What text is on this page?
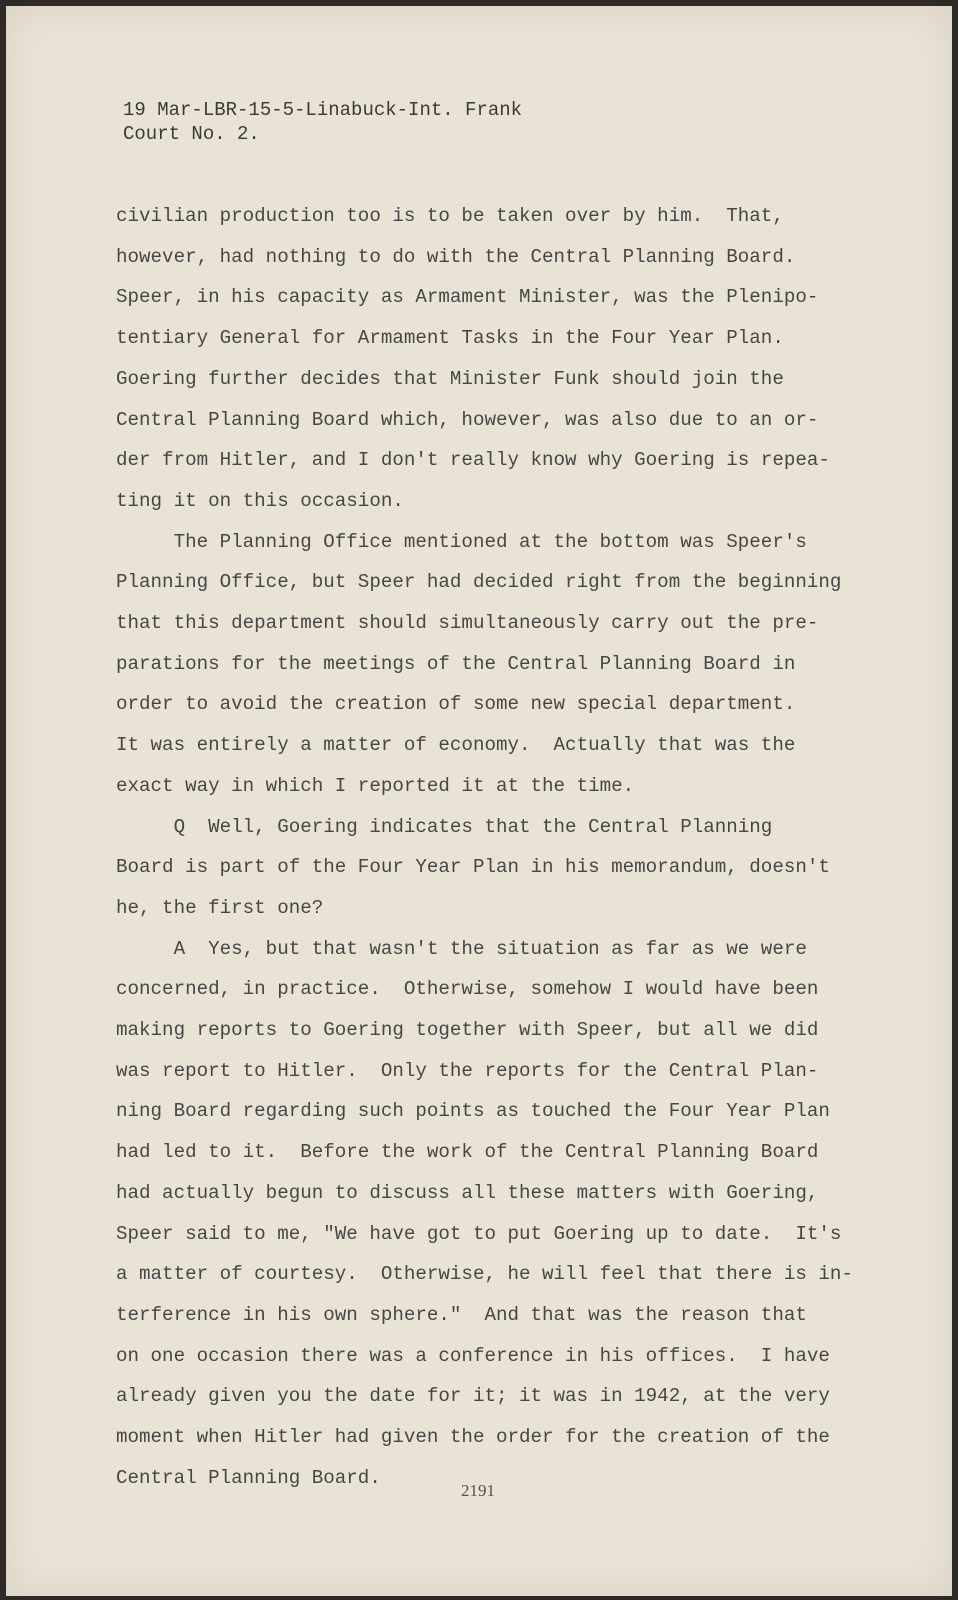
19 Mar-LBR-15-5-Linabuck-Int. Frank
Court No. 2.
civilian production too is to be taken over by him.  That,
however, had nothing to do with the Central Planning Board.
Speer, in his capacity as Armament Minister, was the Plenipo-
tentiary General for Armament Tasks in the Four Year Plan.
Goering further decides that Minister Funk should join the
Central Planning Board which, however, was also due to an or-
der from Hitler, and I don't really know why Goering is repea-
ting it on this occasion.
The Planning Office mentioned at the bottom was Speer's
Planning Office, but Speer had decided right from the beginning
that this department should simultaneously carry out the pre-
parations for the meetings of the Central Planning Board in
order to avoid the creation of some new special department.
It was entirely a matter of economy.  Actually that was the
exact way in which I reported it at the time.
Q  Well, Goering indicates that the Central Planning
Board is part of the Four Year Plan in his memorandum, doesn't
he, the first one?
A  Yes, but that wasn't the situation as far as we were
concerned, in practice.  Otherwise, somehow I would have been
making reports to Goering together with Speer, but all we did
was report to Hitler.  Only the reports for the Central Plan-
ning Board regarding such points as touched the Four Year Plan
had led to it.  Before the work of the Central Planning Board
had actually begun to discuss all these matters with Goering,
Speer said to me, "We have got to put Goering up to date.  It's
a matter of courtesy.  Otherwise, he will feel that there is in-
terference in his own sphere."  And that was the reason that
on one occasion there was a conference in his offices.  I have
already given you the date for it; it was in 1942, at the very
moment when Hitler had given the order for the creation of the
Central Planning Board.
2191
